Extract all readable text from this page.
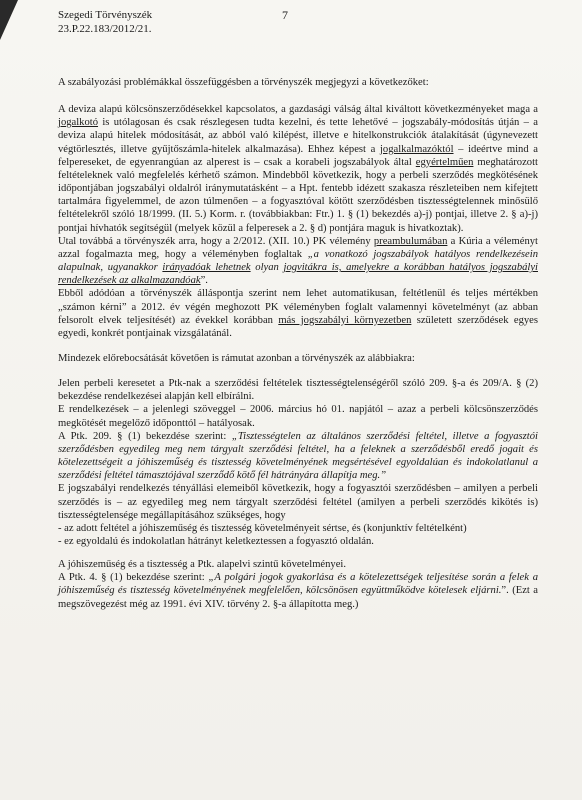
Szegedi Törvényszék
23.P.22.183/2012/21.
7

A szabályozási problémákkal összefüggésben a törvényszék megjegyzi a következőket:

A deviza alapú kölcsönszerződésekkel kapcsolatos, a gazdasági válság által kiváltott következményeket maga a jogalkotó is utólagosan és csak részlegesen tudta kezelni, és tette lehetővé – jogszabály-módosítás útján – a deviza alapú hitelek módosítását, az abból való kilépést, illetve e hitelkonstrukciók átalakítását (úgynevezett végtörlesztés, illetve gyűjtőszámla-hitelek alkalmazása). Ehhez képest a jogalkalmazóktól – ideértve mind a felpereseket, de egyenrangúan az alperest is – csak a korabeli jogszabályok által egyértelműen meghatározott feltételeknek való megfelelés kérhető számon. Mindebből következik, hogy a perbeli szerződés megkötésének időpontjában jogszabályi oldalról iránymutatásként – a Hpt. fentebb idézett szakasza részleteiben nem kifejtett tartalmára figyelemmel, de azon túlmenően – a fogyasztóval kötött szerződésben tisztességtelennek minősülő feltételekről szóló 18/1999. (II. 5.) Korm. r. (továbbiakban: Ftr.) 1. § (1) bekezdés a)-j) pontjai, illetve 2. § a)-j) pontjai hívhatók segítségül (melyek közül a felperesek a 2. § d) pontjára maguk is hivatkoztak).

Utal továbbá a törvényszék arra, hogy a 2/2012. (XII. 10.) PK vélemény preambulumában a Kúria a véleményt azzal fogalmazta meg, hogy a véleményben foglaltak „a vonatkozó jogszabályok hatályos rendelkezésein alapulnak, ugyanakkor irányadóak lehetnek olyan jogvitákra is, amelyekre a korábban hatályos jogszabályi rendelkezések az alkalmazandóak”.

Ebből adódóan a törvényszék álláspontja szerint nem lehet automatikusan, feltétlenül és teljes mértékben „számon kérni” a 2012. év végén meghozott PK véleményben foglalt valamennyi követelményt (az abban felsorolt elvek teljesítését) az évekkel korábban más jogszabályi környezetben született szerződések egyes egyedi, konkrét pontjainak vizsgálatánál.

Mindezek előrebocsátását követően is rámutat azonban a törvényszék az alábbiakra:

Jelen perbeli keresetet a Ptk-nak a szerződési feltételek tisztességtelenségéről szóló 209. §-a és 209/A. § (2) bekezdése rendelkezései alapján kell elbírálni.

E rendelkezések – a jelenlegi szöveggel – 2006. március hó 01. napjától – azaz a perbeli kölcsönszerződés megkötését megelőző időponttól – hatályosak.

A Ptk. 209. § (1) bekezdése szerint: „Tisztességtelen az általános szerződési feltétel, illetve a fogyasztói szerződésben egyedileg meg nem tárgyalt szerződési feltétel, ha a feleknek a szerződésből eredő jogait és kötelezettségeit a jóhiszeműség és tisztesség követelményének megsértésével egyoldalúan és indokolatlanul a szerződési feltétel támasztójával szerződő kötő fél hátrányára állapítja meg.”

E jogszabályi rendelkezés tényállási elemeiből következik, hogy a fogyasztói szerződésben – amilyen a perbeli szerződés is – az egyedileg meg nem tárgyalt szerződési feltétel (amilyen a perbeli szerződés kikötés is) tisztességtelensége megállapításához szükséges, hogy

- az adott feltétel a jóhiszeműség és tisztesség követelményeit sértse, és (konjunktív feltételként)

- ez egyoldalú és indokolatlan hátrányt keletkeztessen a fogyasztó oldalán.

A jóhiszeműség és a tisztesség a Ptk. alapelvi szintű követelményei.

A Ptk. 4. § (1) bekezdése szerint: „A polgári jogok gyakorlása és a kötelezettségek teljesítése során a felek a jóhiszeműség és tisztesség követelményének megfelelően, kölcsönösen együttműködve kötelesek eljárni.”. (Ezt a megszövegezést még az 1991. évi XIV. törvény 2. §-a állapította meg.)
